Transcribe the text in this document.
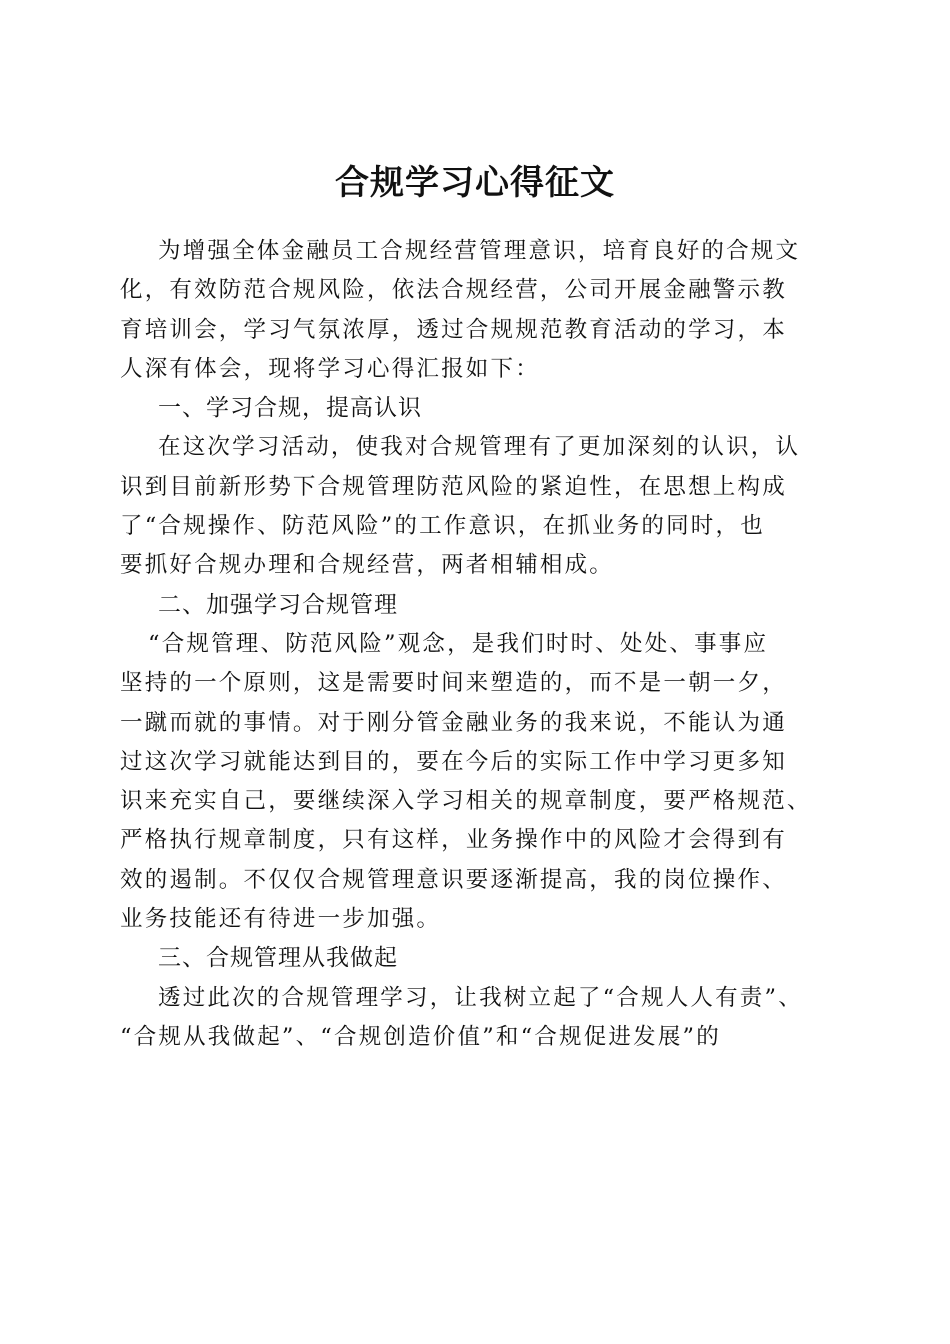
合规学习心得征文
为增强全体金融员工合规经营管理意识，培育良好的合规文
化，有效防范合规风险，依法合规经营，公司开展金融警示教
育培训会，学习气氛浓厚，透过合规规范教育活动的学习，本
人深有体会，现将学习心得汇报如下：
一、学习合规，提高认识
在这次学习活动，使我对合规管理有了更加深刻的认识，认
识到目前新形势下合规管理防范风险的紧迫性，在思想上构成
了“合规操作、防范风险”的工作意识，在抓业务的同时，也
要抓好合规办理和合规经营，两者相辅相成。
二、加强学习合规管理
“合规管理、防范风险”观念，是我们时时、处处、事事应
坚持的一个原则，这是需要时间来塑造的，而不是一朝一夕，
一蹴而就的事情。对于刚分管金融业务的我来说，不能认为通
过这次学习就能达到目的，要在今后的实际工作中学习更多知
识来充实自己，要继续深入学习相关的规章制度，要严格规范、
严格执行规章制度，只有这样，业务操作中的风险才会得到有
效的遏制。不仅仅合规管理意识要逐渐提高，我的岗位操作、
业务技能还有待进一步加强。
三、合规管理从我做起
透过此次的合规管理学习，让我树立起了“合规人人有责”、
“合规从我做起”、“合规创造价值”和“合规促进发展”的
